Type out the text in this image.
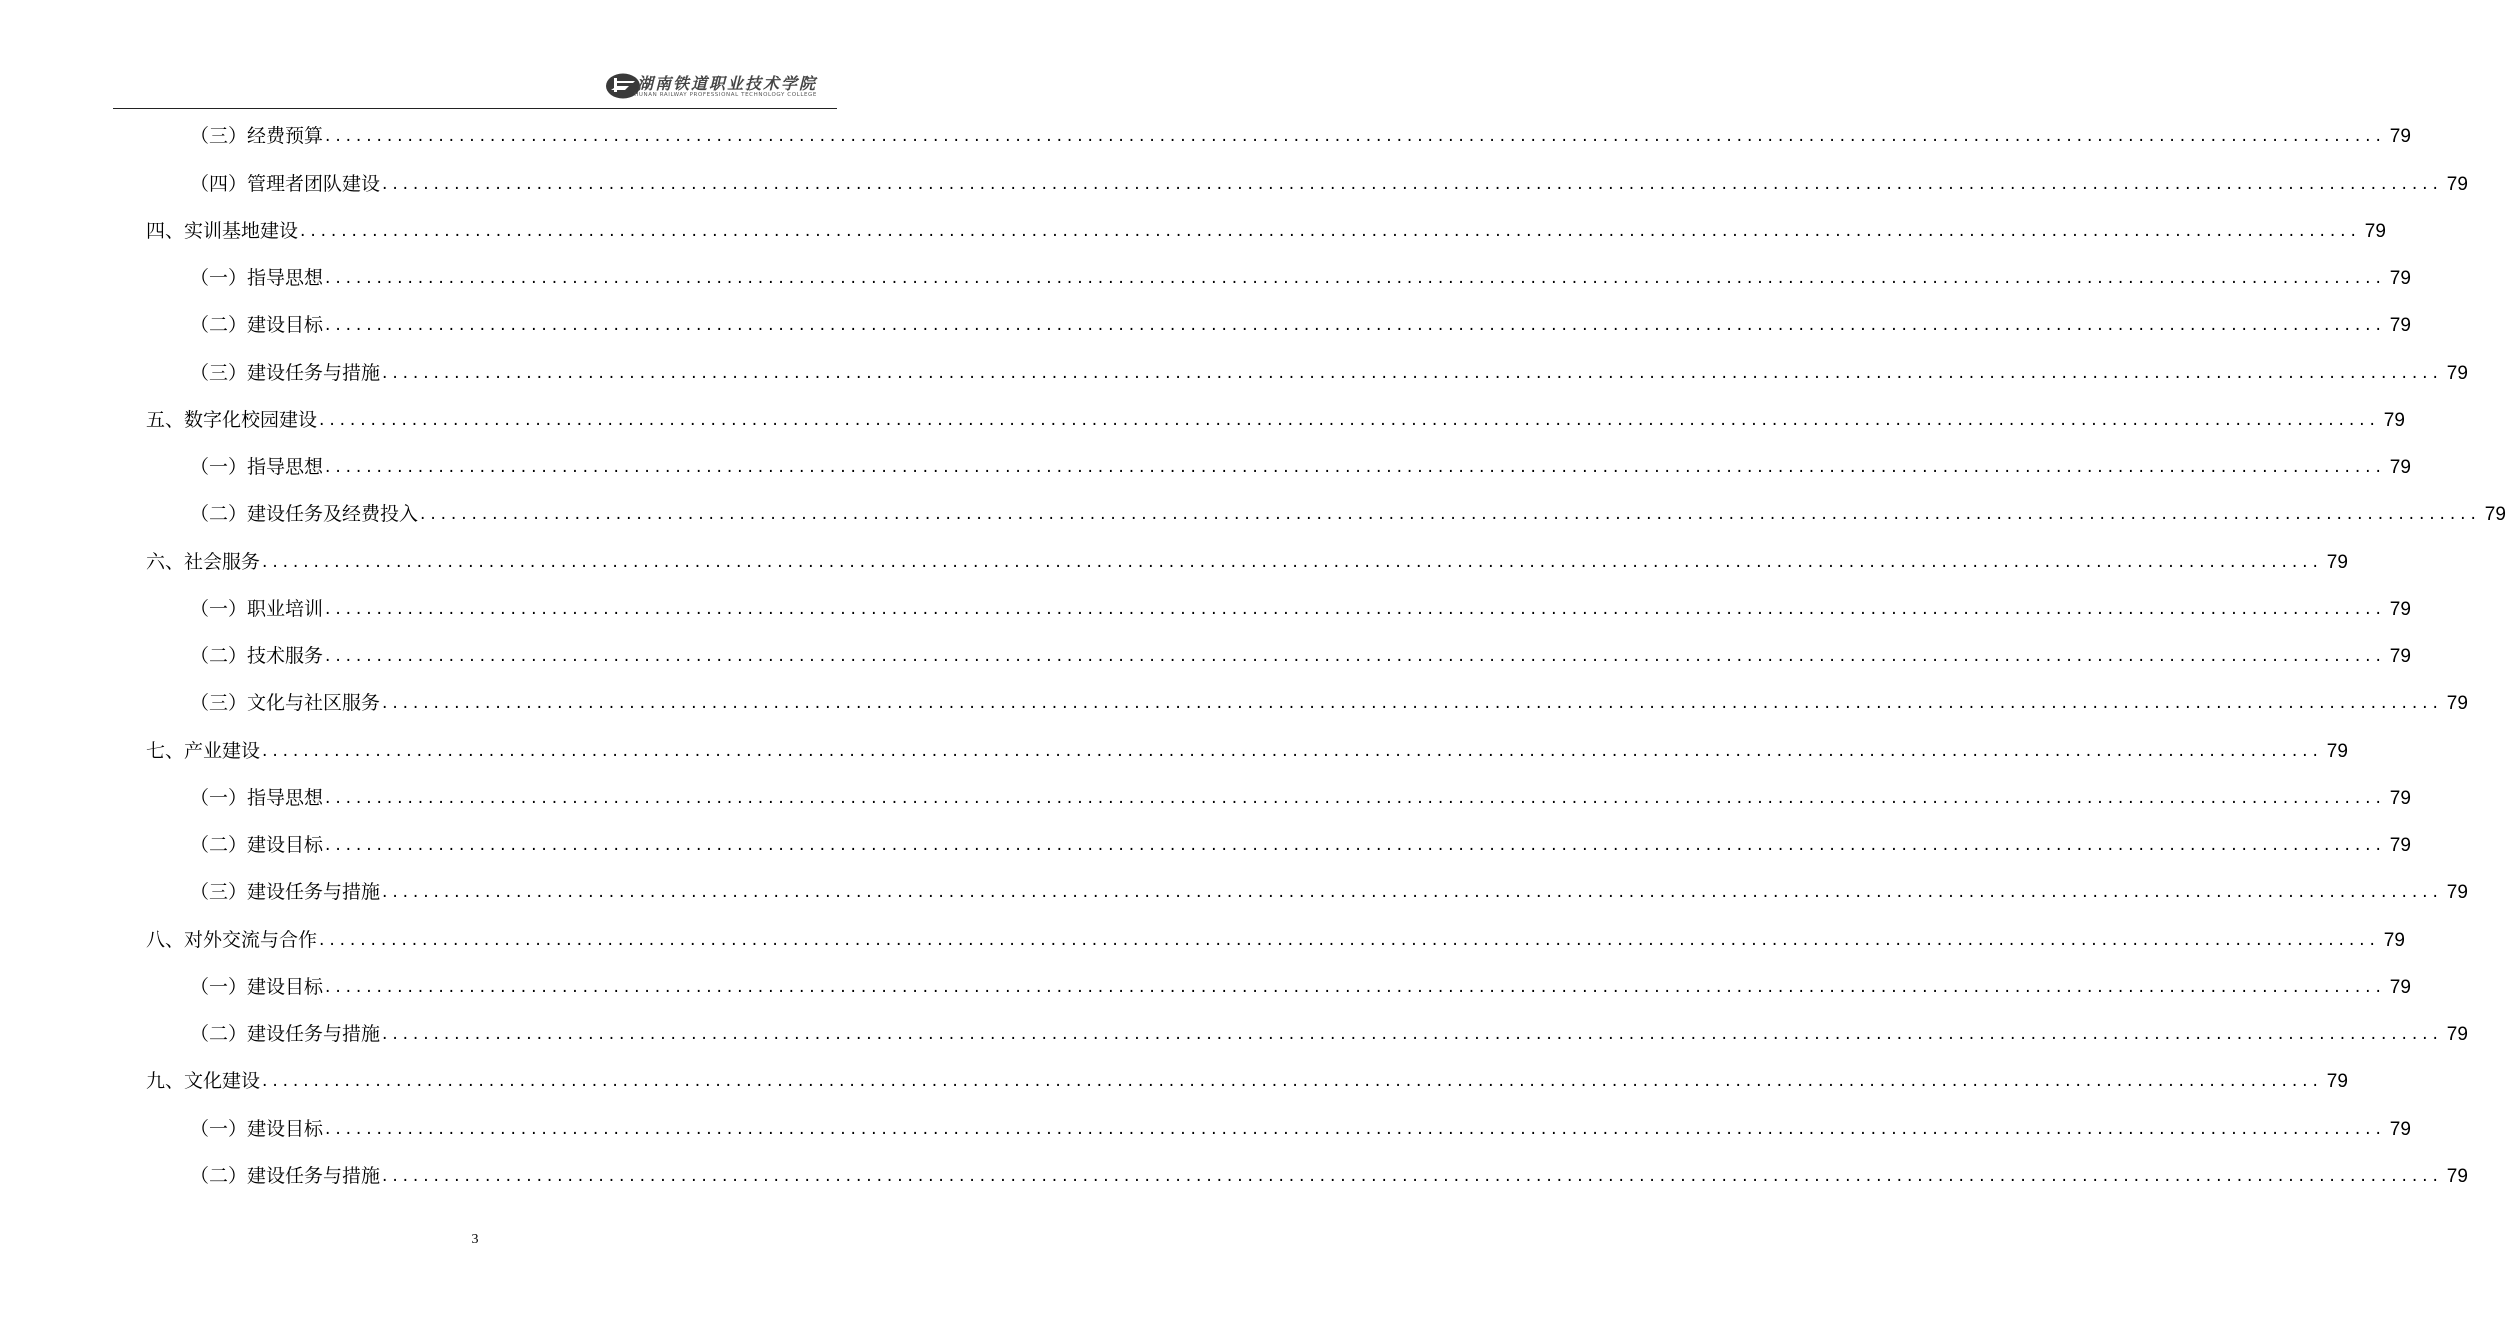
湖南铁道职业技术学院
HUNAN RAILWAY PROFESSIONAL TECHNOLOGY COLLEGE
（三）经费预算 ........................................................................................................................................................................................................ 79
（四）管理者团队建设 ........................................................................................................................................................................................................ 79
四、实训基地建设 ........................................................................................................................................................................................................ 79
（一）指导思想 ........................................................................................................................................................................................................ 79
（二）建设目标 ........................................................................................................................................................................................................ 79
（三）建设任务与措施 ........................................................................................................................................................................................................ 79
五、数字化校园建设 ........................................................................................................................................................................................................ 79
（一）指导思想 ........................................................................................................................................................................................................ 79
（二）建设任务及经费投入 ........................................................................................................................................................................................................ 79
六、社会服务 ........................................................................................................................................................................................................ 79
（一）职业培训 ........................................................................................................................................................................................................ 79
（二）技术服务 ........................................................................................................................................................................................................ 79
（三）文化与社区服务 ........................................................................................................................................................................................................ 79
七、产业建设 ........................................................................................................................................................................................................ 79
（一）指导思想 ........................................................................................................................................................................................................ 79
（二）建设目标 ........................................................................................................................................................................................................ 79
（三）建设任务与措施 ........................................................................................................................................................................................................ 79
八、对外交流与合作 ........................................................................................................................................................................................................ 79
（一）建设目标 ........................................................................................................................................................................................................ 79
（二）建设任务与措施 ........................................................................................................................................................................................................ 79
九、文化建设 ........................................................................................................................................................................................................ 79
（一）建设目标 ........................................................................................................................................................................................................ 79
（二）建设任务与措施 ........................................................................................................................................................................................................ 79
3
